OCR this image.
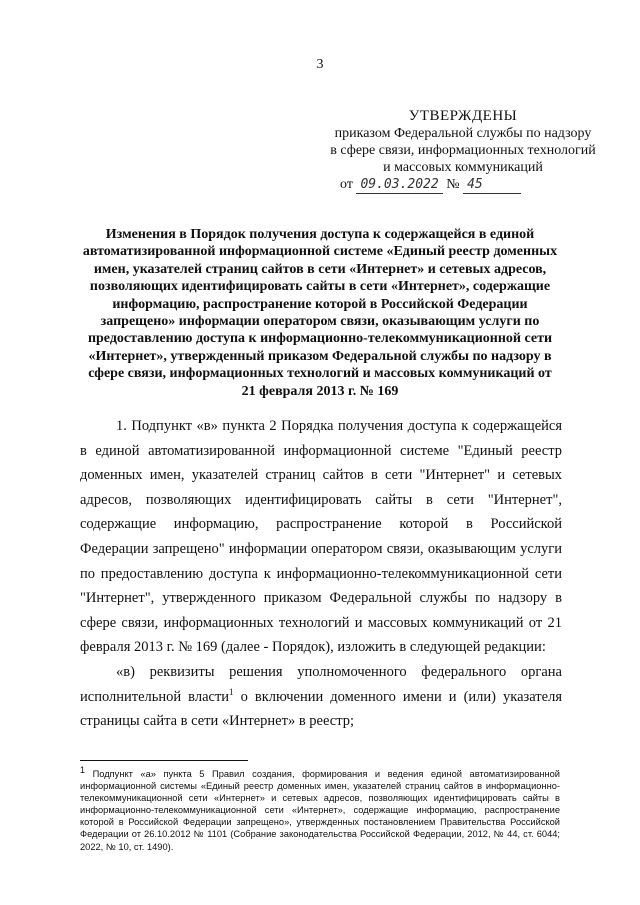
3
УТВЕРЖДЕНЫ
приказом Федеральной службы по надзору
в сфере связи, информационных технологий
и массовых коммуникаций
от 09.03.2022 № 45
Изменения в Порядок получения доступа к содержащейся в единой автоматизированной информационной системе «Единый реестр доменных имен, указателей страниц сайтов в сети «Интернет» и сетевых адресов, позволяющих идентифицировать сайты в сети «Интернет», содержащие информацию, распространение которой в Российской Федерации запрещено» информации оператором связи, оказывающим услуги по предоставлению доступа к информационно-телекоммуникационной сети «Интернет», утвержденный приказом Федеральной службы по надзору в сфере связи, информационных технологий и массовых коммуникаций от 21 февраля 2013 г. № 169

1. Подпункт «в» пункта 2 Порядка получения доступа к содержащейся в единой автоматизированной информационной системе "Единый реестр доменных имен, указателей страниц сайтов в сети "Интернет" и сетевых адресов, позволяющих идентифицировать сайты в сети "Интернет", содержащие информацию, распространение которой в Российской Федерации запрещено" информации оператором связи, оказывающим услуги по предоставлению доступа к информационно-телекоммуникационной сети "Интернет", утвержденного приказом Федеральной службы по надзору в сфере связи, информационных технологий и массовых коммуникаций от 21 февраля 2013 г. № 169 (далее - Порядок), изложить в следующей редакции:

«в) реквизиты решения уполномоченного федерального органа исполнительной власти$^1$ о включении доменного имени и (или) указателя страницы сайта в сети «Интернет» в реестр;

$^1$ Подпункт «а» пункта 5 Правил создания, формирования и ведения единой автоматизированной информационной системы «Единый реестр доменных имен, указателей страниц сайтов в информационно-телекоммуникационной сети «Интернет» и сетевых адресов, позволяющих идентифицировать сайты в информационно-телекоммуникационной сети «Интернет», содержащие информацию, распространение которой в Российской Федерации запрещено», утвержденных постановлением Правительства Российской Федерации от 26.10.2012 № 1101 (Собрание законодательства Российской Федерации, 2012, № 44, ст. 6044; 2022, № 10, ст. 1490).
